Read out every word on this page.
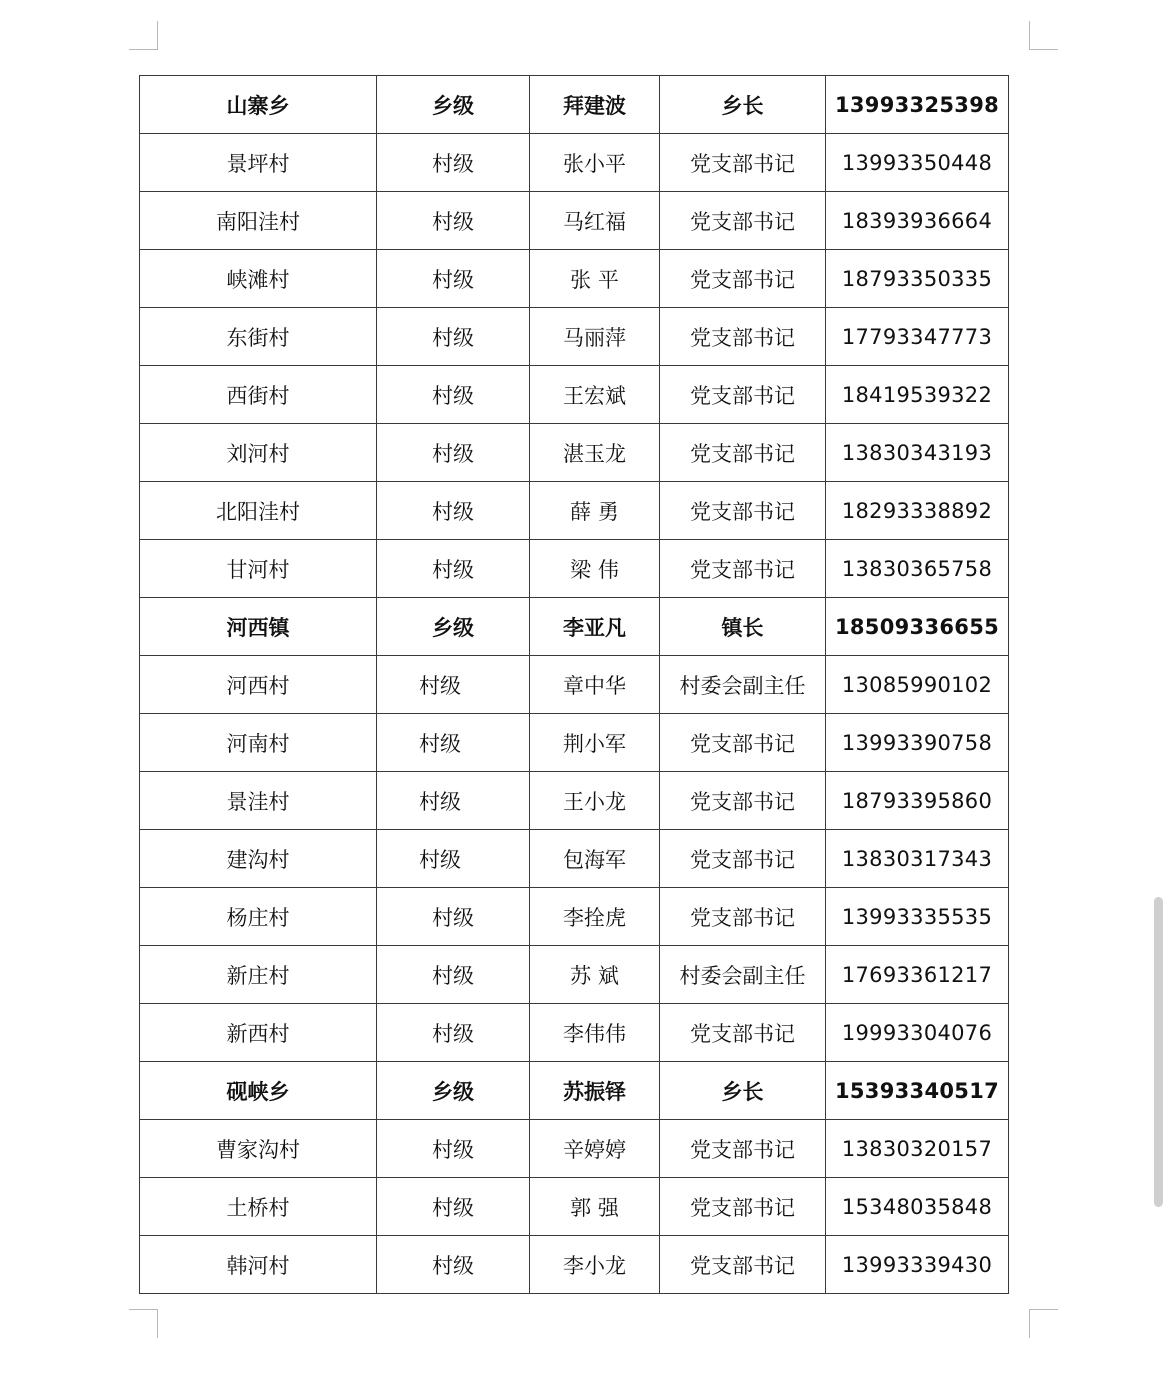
山寨乡	乡级	拜建波	乡长	13993325398
景坪村	村级	张小平	党支部书记	13993350448
南阳洼村	村级	马红福	党支部书记	18393936664
峡滩村	村级	张 平	党支部书记	18793350335
东街村	村级	马丽萍	党支部书记	17793347773
西街村	村级	王宏斌	党支部书记	18419539322
刘河村	村级	湛玉龙	党支部书记	13830343193
北阳洼村	村级	薛 勇	党支部书记	18293338892
甘河村	村级	梁 伟	党支部书记	13830365758
河西镇	乡级	李亚凡	镇长	18509336655
河西村	村级	章中华	村委会副主任	13085990102
河南村	村级	荆小军	党支部书记	13993390758
景洼村	村级	王小龙	党支部书记	18793395860
建沟村	村级	包海军	党支部书记	13830317343
杨庄村	村级	李拴虎	党支部书记	13993335535
新庄村	村级	苏 斌	村委会副主任	17693361217
新西村	村级	李伟伟	党支部书记	19993304076
砚峡乡	乡级	苏振铎	乡长	15393340517
曹家沟村	村级	辛婷婷	党支部书记	13830320157
土桥村	村级	郭 强	党支部书记	15348035848
韩河村	村级	李小龙	党支部书记	13993339430
